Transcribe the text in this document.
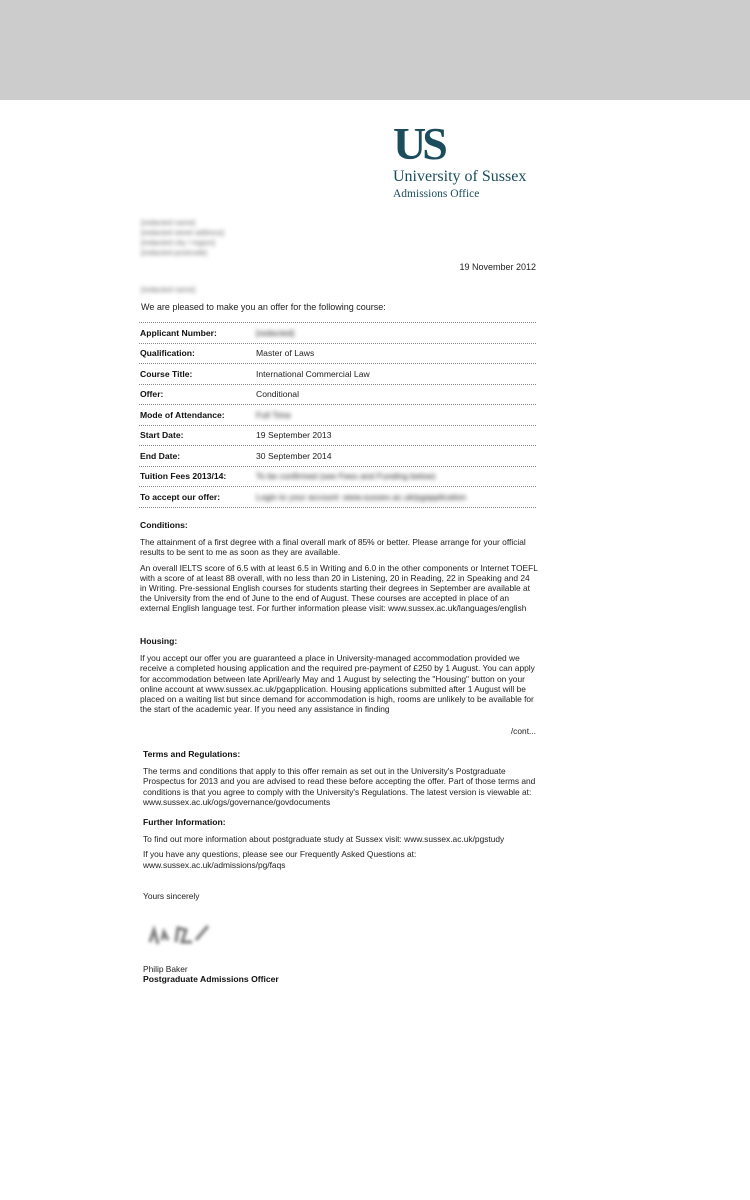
US
University of Sussex
Admissions Office
[redacted name]
[redacted street address]
[redacted city / region]
[redacted postcode]
19 November 2012
[redacted name]
We are pleased to make you an offer for the following course:
Applicant Number:	[redacted]
Qualification:	Master of Laws
Course Title:	International Commercial Law
Offer:	Conditional
Mode of Attendance:	Full Time
Start Date:	19 September 2013
End Date:	30 September 2014
Tuition Fees 2013/14:	To be confirmed (see Fees and Funding below)
To accept our offer:	Login to your account: www.sussex.ac.uk/pgapplication
Conditions:

The attainment of a first degree with a final overall mark of 85% or better. Please arrange for your official results to be sent to me as soon as they are available.

An overall IELTS score of 6.5 with at least 6.5 in Writing and 6.0 in the other components or Internet TOEFL with a score of at least 88 overall, with no less than 20 in Listening, 20 in Reading, 22 in Speaking and 24 in Writing. Pre-sessional English courses for students starting their degrees in September are available at the University from the end of June to the end of August. These courses are accepted in place of an external English language test. For further information please visit: www.sussex.ac.uk/languages/english

Housing:

If you accept our offer you are guaranteed a place in University-managed accommodation provided we receive a completed housing application and the required pre-payment of £250 by 1 August. You can apply for accommodation between late April/early May and 1 August by selecting the "Housing" button on your online account at www.sussex.ac.uk/pgapplication. Housing applications submitted after 1 August will be placed on a waiting list but since demand for accommodation is high, rooms are unlikely to be available for the start of the academic year. If you need any assistance in finding

/cont...
Terms and Regulations:

The terms and conditions that apply to this offer remain as set out in the University's Postgraduate Prospectus for 2013 and you are advised to read these before accepting the offer. Part of those terms and conditions is that you agree to comply with the University's Regulations. The latest version is viewable at: www.sussex.ac.uk/ogs/governance/govdocuments

Further Information:

To find out more information about postgraduate study at Sussex visit: www.sussex.ac.uk/pgstudy

If you have any questions, please see our Frequently Asked Questions at: www.sussex.ac.uk/admissions/pg/faqs

Yours sincerely
Philip Baker
Postgraduate Admissions Officer
